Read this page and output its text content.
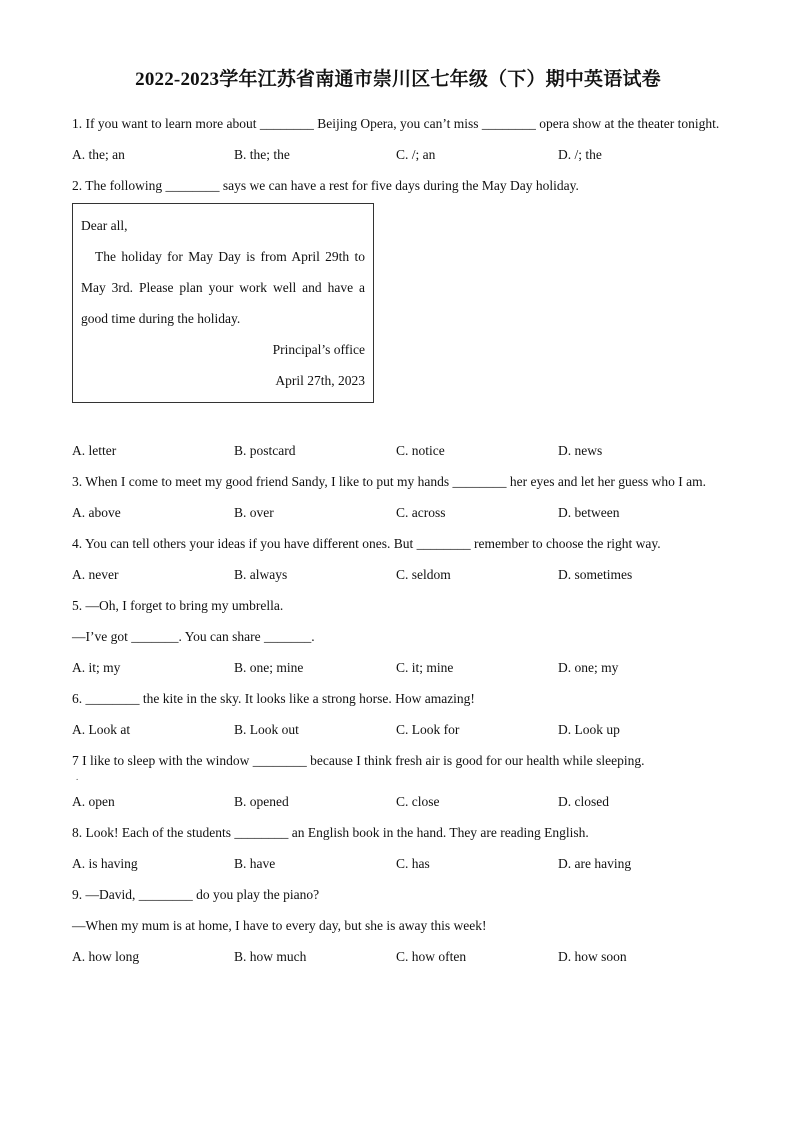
2022-2023学年江苏省南通市崇川区七年级（下）期中英语试卷

1. If you want to learn more about ________ Beijing Opera, you can’t miss ________ opera show at the theater tonight.

A. the; an	B. the; the	C. /; an	D. /; the

2. The following ________ says we can have a rest for five days during the May Day holiday.

Dear all,

The holiday for May Day is from April 29th to May 3rd. Please plan your work well and have a good time during the holiday.

Principal’s office

April 27th, 2023

A. letter	B. postcard	C. notice	D. news

3. When I come to meet my good friend Sandy, I like to put my hands ________ her eyes and let her guess who I am.

A. above	B. over	C. across	D. between

4. You can tell others your ideas if you have different ones. But ________ remember to choose the right way.

A. never	B. always	C. seldom	D. sometimes

5. —Oh, I forget to bring my umbrella.

—I’ve got _______. You can share _______.

A. it; my	B. one; mine	C. it; mine	D. one; my

6. ________ the kite in the sky. It looks like a strong horse. How amazing!

A. Look at	B. Look out	C. Look for	D. Look up

7 I like to sleep with the window ________ because I think fresh air is good for our health while sleeping.

.
A. open	B. opened	C. close	D. closed

8. Look! Each of the students ________ an English book in the hand. They are reading English.

A. is having	B. have	C. has	D. are having

9. —David, ________ do you play the piano?

—When my mum is at home, I have to every day, but she is away this week!

A. how long	B. how much	C. how often	D. how soon
